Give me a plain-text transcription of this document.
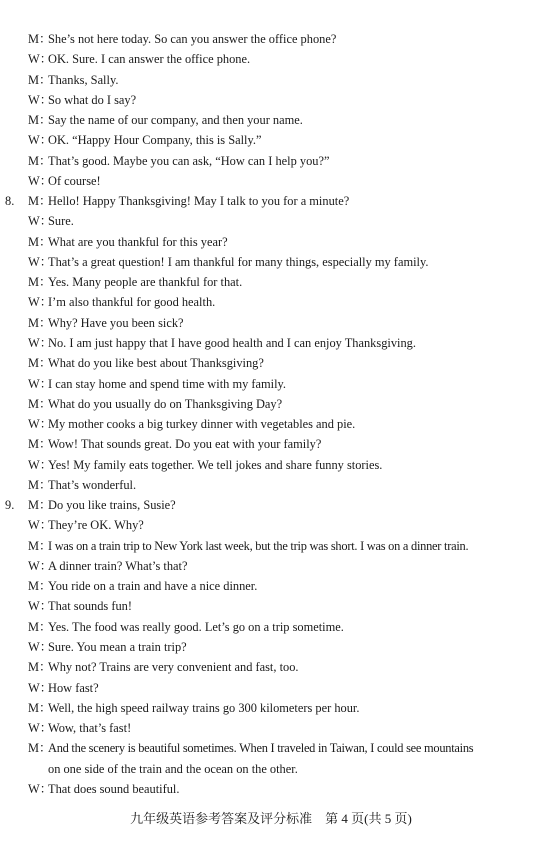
M：
She’s not here today. So can you answer the office phone?
W：
OK. Sure. I can answer the office phone.
M：
Thanks, Sally.
W：
So what do I say?
M：
Say the name of our company, and then your name.
W：
OK. “Happy Hour Company, this is Sally.”
M：
That’s good. Maybe you can ask, “How can I help you?”
W：
Of course!
8. M：
Hello! Happy Thanksgiving! May I talk to you for a minute?
W：
Sure.
M：
What are you thankful for this year?
W：
That’s a great question! I am thankful for many things, especially my family.
M：
Yes. Many people are thankful for that.
W：
I’m also thankful for good health.
M：
Why? Have you been sick?
W：
No. I am just happy that I have good health and I can enjoy Thanksgiving.
M：
What do you like best about Thanksgiving?
W：
I can stay home and spend time with my family.
M：
What do you usually do on Thanksgiving Day?
W：
My mother cooks a big turkey dinner with vegetables and pie.
M：
Wow! That sounds great. Do you eat with your family?
W：
Yes! My family eats together. We tell jokes and share funny stories.
M：
That’s wonderful.
9. M：
Do you like trains, Susie?
W：
They’re OK. Why?
M：
I was on a train trip to New York last week, but the trip was short. I was on a dinner train.
W：
A dinner train? What’s that?
M：
You ride on a train and have a nice dinner.
W：
That sounds fun!
M：
Yes. The food was really good. Let’s go on a trip sometime.
W：
Sure. You mean a train trip?
M：
Why not? Trains are very convenient and fast, too.
W：
How fast?
M：
Well, the high speed railway trains go 300 kilometers per hour.
W：
Wow, that’s fast!
M：
And the scenery is beautiful sometimes. When I traveled in Taiwan, I could see mountains
on one side of the train and the ocean on the other.
W：
That does sound beautiful.
九年级英语参考答案及评分标准　第 4 页(共 5 页)
